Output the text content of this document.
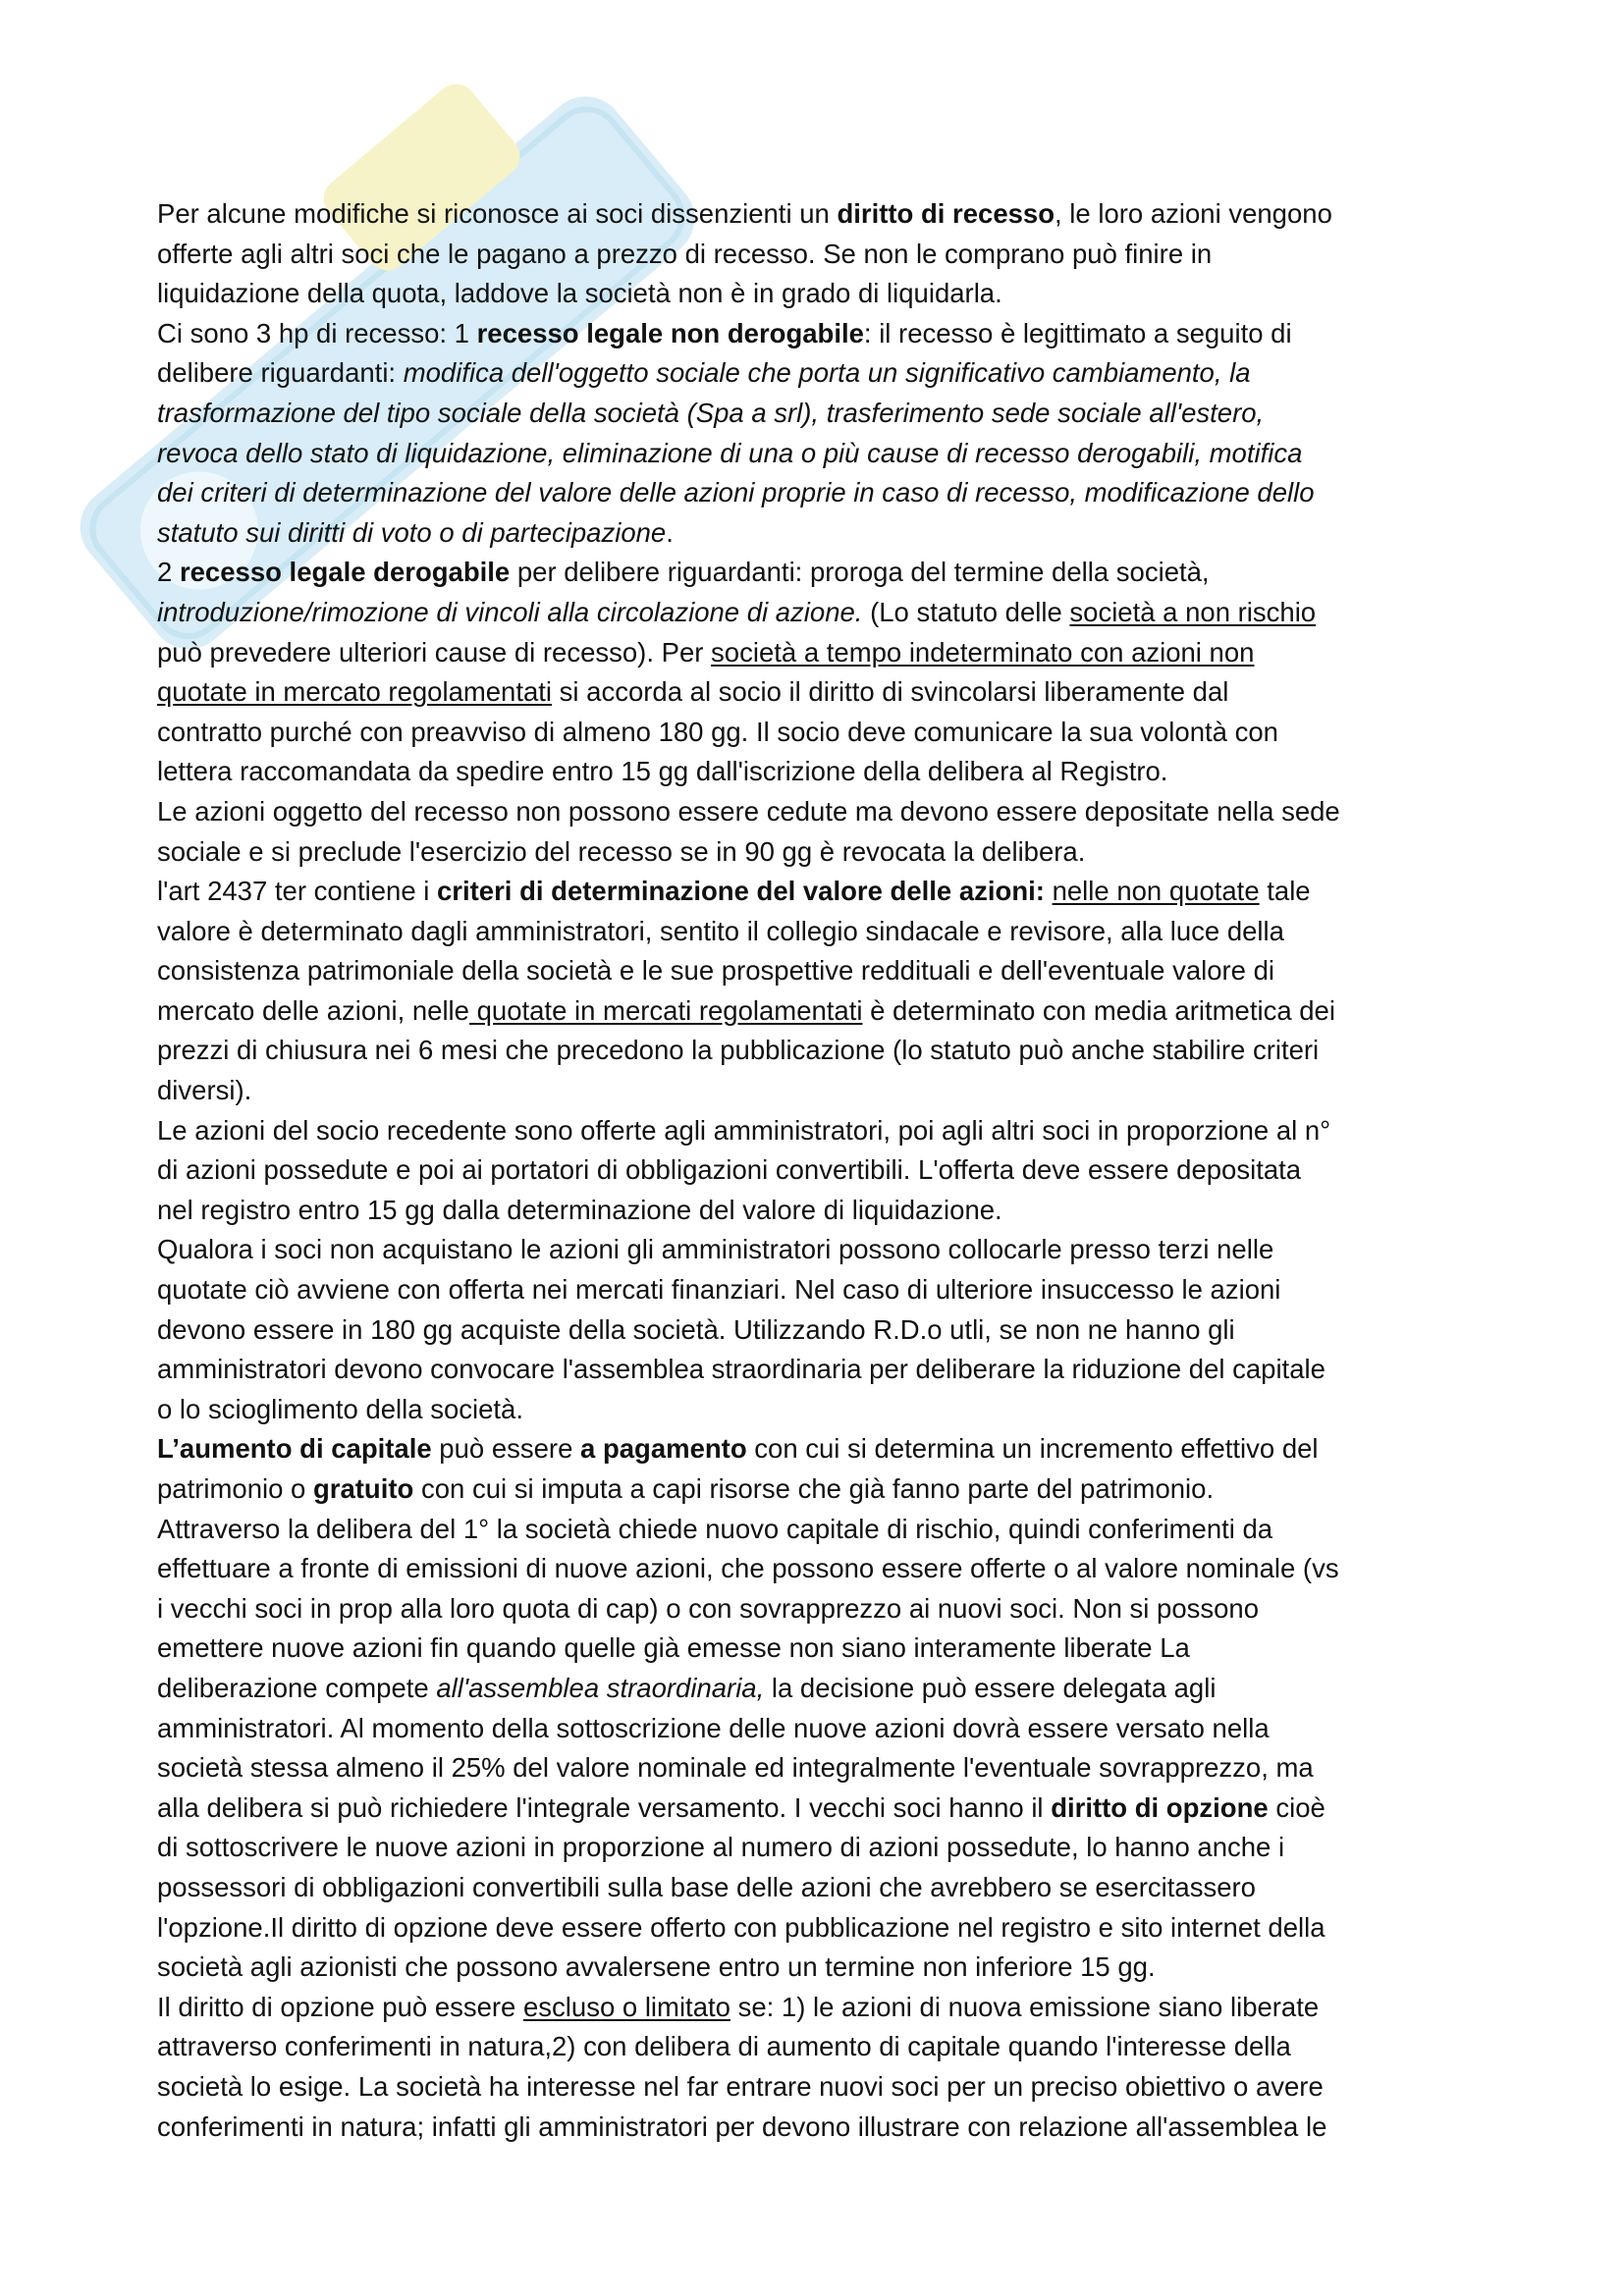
Per alcune modifiche si riconosce ai soci dissenzienti un diritto di recesso, le loro azioni vengono
offerte agli altri soci che le pagano a prezzo di recesso. Se non le comprano può finire in
liquidazione della quota, laddove la società non è in grado di liquidarla.
Ci sono 3 hp di recesso: 1 recesso legale non derogabile: il recesso è legittimato a seguito di
delibere riguardanti: modifica dell'oggetto sociale che porta un significativo cambiamento, la
trasformazione del tipo sociale della società (Spa a srl), trasferimento sede sociale all'estero,
revoca dello stato di liquidazione, eliminazione di una o più cause di recesso derogabili, motifica
dei criteri di determinazione del valore delle azioni proprie in caso di recesso, modificazione dello
statuto sui diritti di voto o di partecipazione.
2 recesso legale derogabile per delibere riguardanti: proroga del termine della società,
introduzione/rimozione di vincoli alla circolazione di azione. (Lo statuto delle società a non rischio
può prevedere ulteriori cause di recesso). Per società a tempo indeterminato con azioni non
quotate in mercato regolamentati si accorda al socio il diritto di svincolarsi liberamente dal
contratto purché con preavviso di almeno 180 gg. Il socio deve comunicare la sua volontà con
lettera raccomandata da spedire entro 15 gg dall'iscrizione della delibera al Registro.
Le azioni oggetto del recesso non possono essere cedute ma devono essere depositate nella sede
sociale e si preclude l'esercizio del recesso se in 90 gg è revocata la delibera.
l'art 2437 ter contiene i criteri di determinazione del valore delle azioni: nelle non quotate tale
valore è determinato dagli amministratori, sentito il collegio sindacale e revisore, alla luce della
consistenza patrimoniale della società e le sue prospettive reddituali e dell'eventuale valore di
mercato delle azioni, nelle quotate in mercati regolamentati è determinato con media aritmetica dei
prezzi di chiusura nei 6 mesi che precedono la pubblicazione (lo statuto può anche stabilire criteri
diversi).
Le azioni del socio recedente sono offerte agli amministratori, poi agli altri soci in proporzione al n°
di azioni possedute e poi ai portatori di obbligazioni convertibili. L'offerta deve essere depositata
nel registro entro 15 gg dalla determinazione del valore di liquidazione.
Qualora i soci non acquistano le azioni gli amministratori possono collocarle presso terzi nelle
quotate ciò avviene con offerta nei mercati finanziari. Nel caso di ulteriore insuccesso le azioni
devono essere in 180 gg acquiste della società. Utilizzando R.D.o utli, se non ne hanno gli
amministratori devono convocare l'assemblea straordinaria per deliberare la riduzione del capitale
o lo scioglimento della società.
L’aumento di capitale può essere a pagamento con cui si determina un incremento effettivo del
patrimonio o gratuito con cui si imputa a capi risorse che già fanno parte del patrimonio.
Attraverso la delibera del 1° la società chiede nuovo capitale di rischio, quindi conferimenti da
effettuare a fronte di emissioni di nuove azioni, che possono essere offerte o al valore nominale (vs
i vecchi soci in prop alla loro quota di cap) o con sovrapprezzo ai nuovi soci. Non si possono
emettere nuove azioni fin quando quelle già emesse non siano interamente liberate La
deliberazione compete all'assemblea straordinaria, la decisione può essere delegata agli
amministratori. Al momento della sottoscrizione delle nuove azioni dovrà essere versato nella
società stessa almeno il 25% del valore nominale ed integralmente l'eventuale sovrapprezzo, ma
alla delibera si può richiedere l'integrale versamento. I vecchi soci hanno il diritto di opzione cioè
di sottoscrivere le nuove azioni in proporzione al numero di azioni possedute, lo hanno anche i
possessori di obbligazioni convertibili sulla base delle azioni che avrebbero se esercitassero
l'opzione.Il diritto di opzione deve essere offerto con pubblicazione nel registro e sito internet della
società agli azionisti che possono avvalersene entro un termine non inferiore 15 gg.
Il diritto di opzione può essere escluso o limitato se: 1) le azioni di nuova emissione siano liberate
attraverso conferimenti in natura,2) con delibera di aumento di capitale quando l'interesse della
società lo esige. La società ha interesse nel far entrare nuovi soci per un preciso obiettivo o avere
conferimenti in natura; infatti gli amministratori per devono illustrare con relazione all'assemblea le
